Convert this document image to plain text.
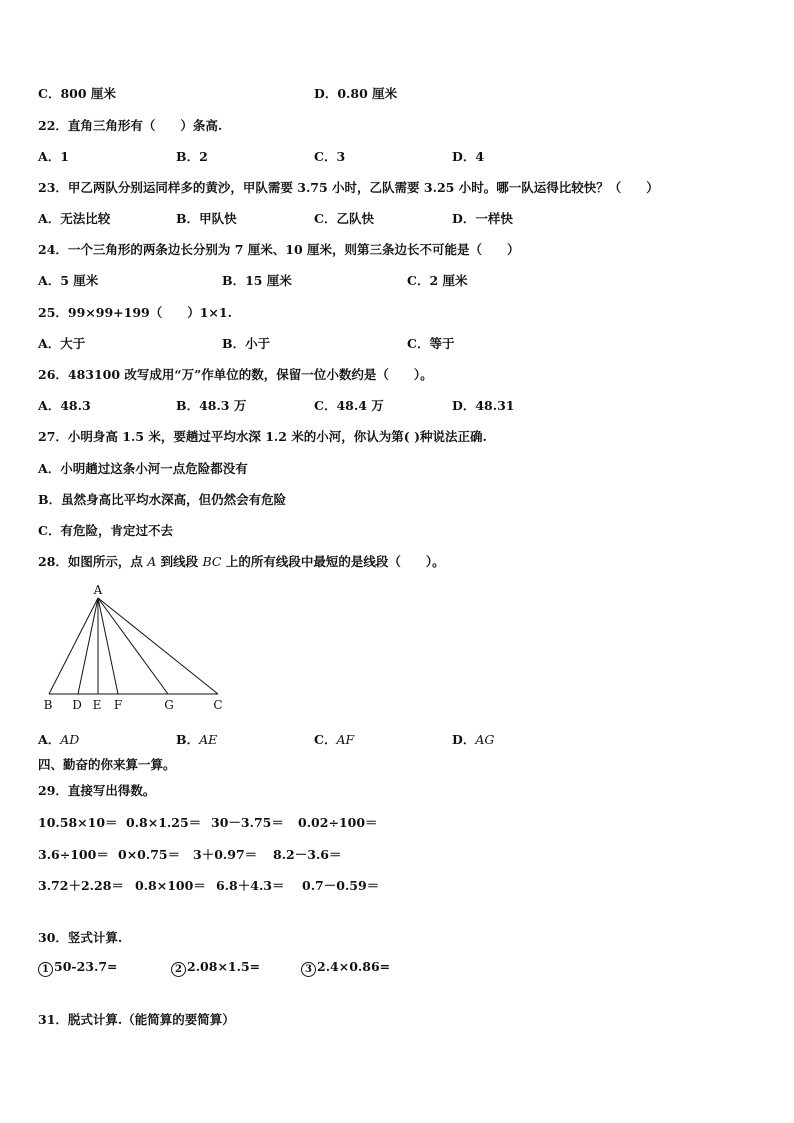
C．800 厘米	D．0.80 厘米
22．直角三角形有（　　）条高.
A．1	B．2	C．3	D．4
23．甲乙两队分别运同样多的黄沙，甲队需要 3.75 小时，乙队需要 3.25 小时。哪一队运得比较快？（　　）
A．无法比较	B．甲队快	C．乙队快	D．一样快
24．一个三角形的两条边长分别为 7 厘米、10 厘米，则第三条边长不可能是（　　）
A．5 厘米	B．15 厘米	C．2 厘米
25．99×99+199（　　）1×1.
A．大于	B．小于	C．等于
26．483100 改写成用“万”作单位的数，保留一位小数约是（　　）。
A．48.3	B．48.3 万	C．48.4 万	D．48.31
27．小明身高 1.5 米，要趟过平均水深 1.2 米的小河，你认为第( )种说法正确.
A．小明趟过这条小河一点危险都没有
B．虽然身高比平均水深高，但仍然会有危险
C．有危险，肯定过不去
28．如图所示，点 A 到线段 BC 上的所有线段中最短的是线段（　　）。
A
B D E F	G	C
A．AD	B．AE	C．AF	D．AG
四、勤奋的你来算一算。
29．直接写出得数。
10.58×10＝ 0.8×1.25＝ 30－3.75＝ 0.02÷100＝
3.6÷100＝ 0×0.75＝ 3＋0.97＝ 8.2－3.6＝
3.72＋2.28＝ 0.8×100＝ 6.8＋4.3＝ 0.7－0.59＝
30．竖式计算.
1 50-23.7=	2 2.08×1.5=	3 2.4×0.86=
31．脱式计算.（能简算的要简算）
